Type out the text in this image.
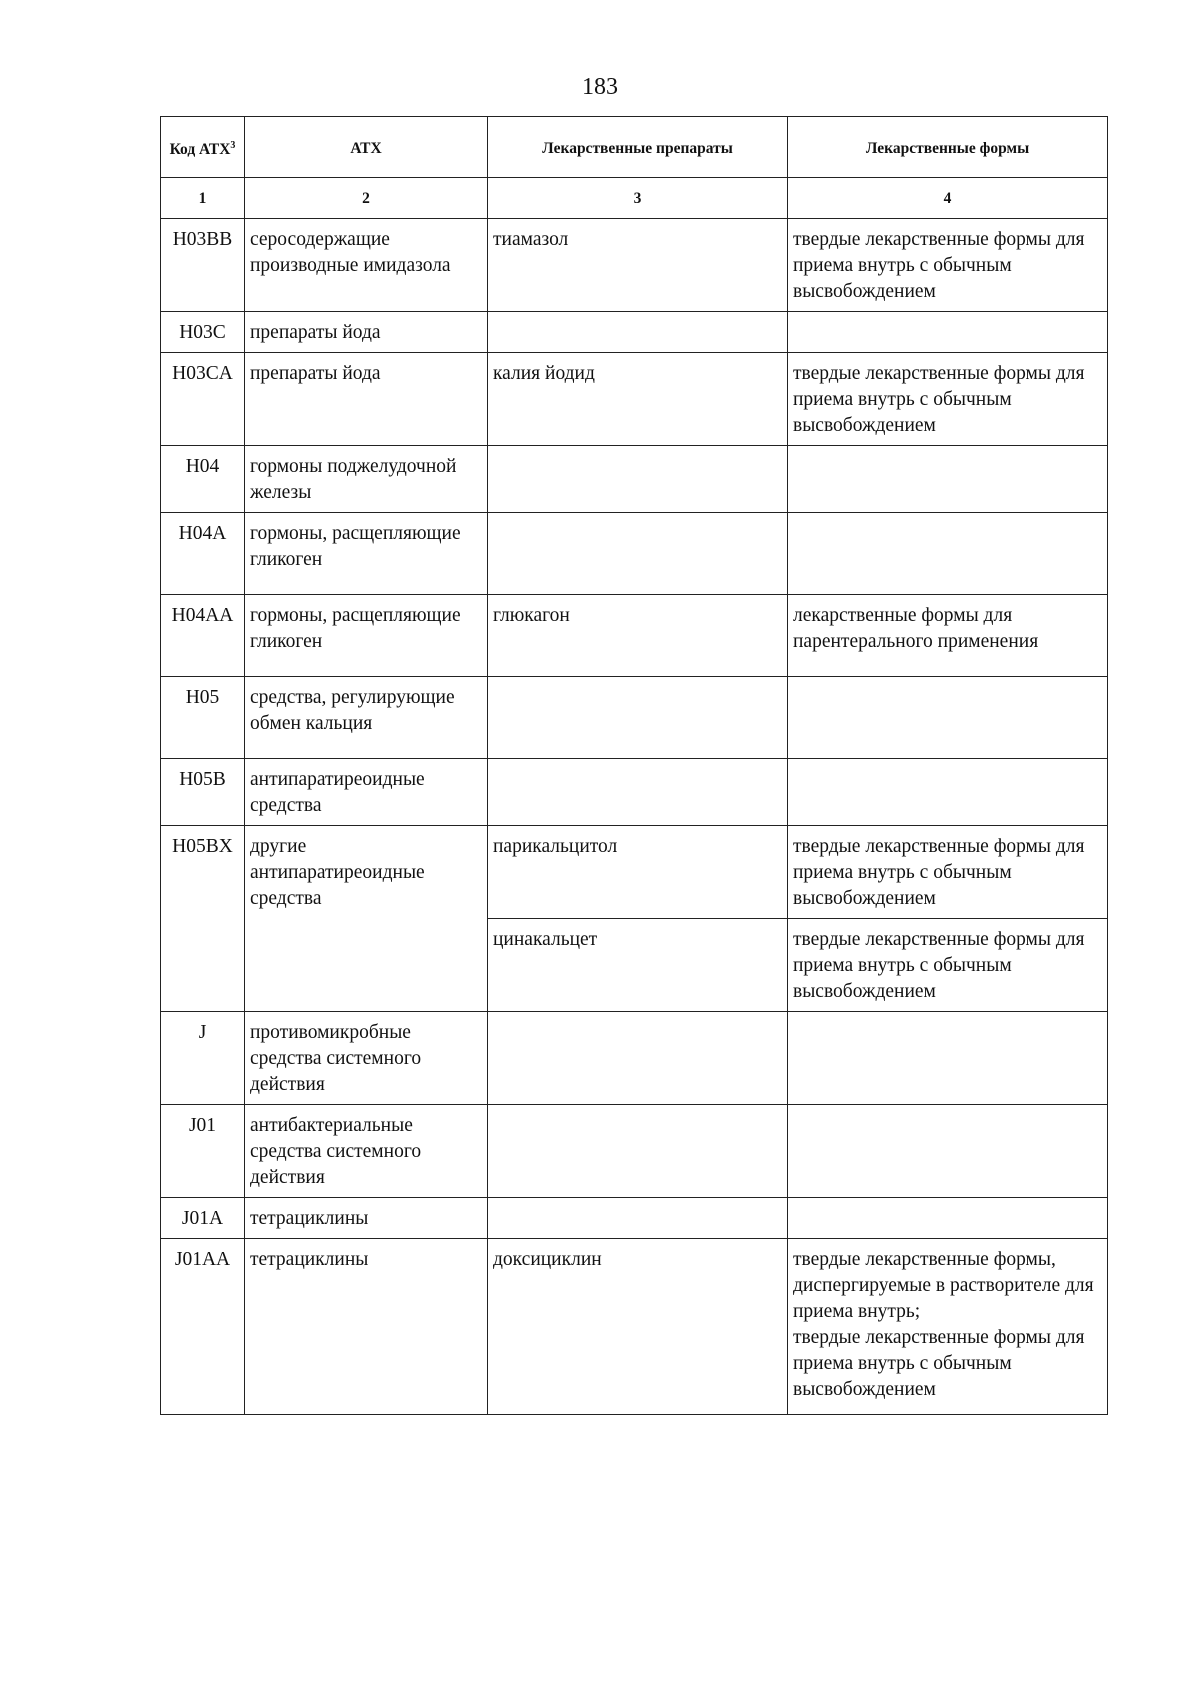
183
Код АТХ$^3$	АТХ	Лекарственные препараты	Лекарственные формы
1	2	3	4
H03BB	серосодержащие производные имидазола	тиамазол	твердые лекарственные формы для приема внутрь с обычным высвобождением
H03C	препараты йода		
H03CA	препараты йода	калия йодид	твердые лекарственные формы для приема внутрь с обычным высвобождением
H04	гормоны поджелудочной железы		
H04A	гормоны, расщепляющие гликоген		
H04AA	гормоны, расщепляющие гликоген	глюкагон	лекарственные формы для парентерального применения
H05	средства, регулирующие обмен кальция		
H05B	антипаратиреоидные средства		
H05BX	другие антипаратиреоидные средства	парикальцитол	твердые лекарственные формы для приема внутрь с обычным высвобождением
		цинакальцет	твердые лекарственные формы для приема внутрь с обычным высвобождением
J	противомикробные средства системного действия		
J01	антибактериальные средства системного действия		
J01A	тетрациклины		
J01AA	тетрациклины	доксициклин	твердые лекарственные формы, диспергируемые в растворителе для приема внутрь;
твердые лекарственные формы для приема внутрь с обычным высвобождением
